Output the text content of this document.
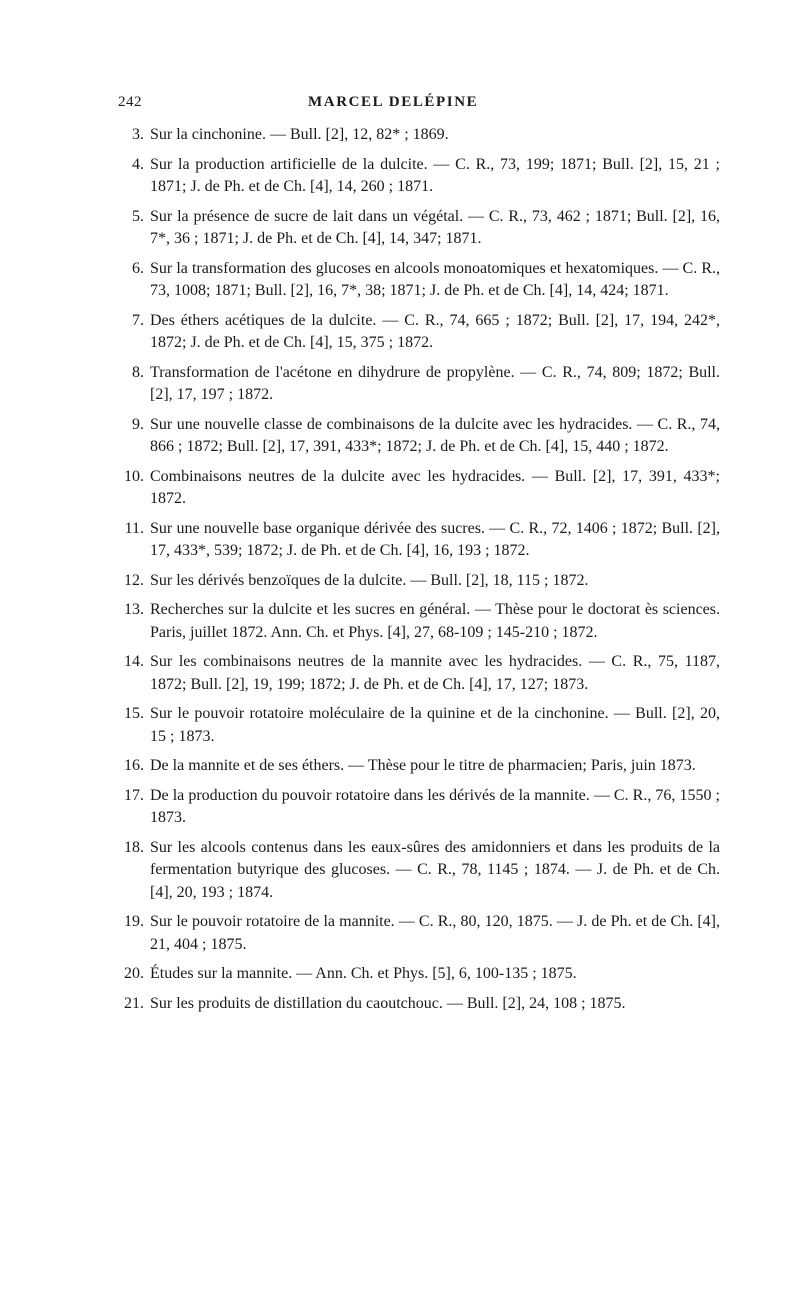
242	MARCEL DELÉPINE
3. Sur la cinchonine. — Bull. [2], 12, 82* ; 1869.
4. Sur la production artificielle de la dulcite. — C. R., 73, 199; 1871; Bull. [2], 15, 21 ; 1871; J. de Ph. et de Ch. [4], 14, 260 ; 1871.
5. Sur la présence de sucre de lait dans un végétal. — C. R., 73, 462 ; 1871; Bull. [2], 16, 7*, 36 ; 1871; J. de Ph. et de Ch. [4], 14, 347; 1871.
6. Sur la transformation des glucoses en alcools monoatomiques et hexatomiques. — C. R., 73, 1008; 1871; Bull. [2], 16, 7*, 38; 1871; J. de Ph. et de Ch. [4], 14, 424; 1871.
7. Des éthers acétiques de la dulcite. — C. R., 74, 665 ; 1872; Bull. [2], 17, 194, 242*, 1872; J. de Ph. et de Ch. [4], 15, 375 ; 1872.
8. Transformation de l'acétone en dihydrure de propylène. — C. R., 74, 809; 1872; Bull. [2], 17, 197 ; 1872.
9. Sur une nouvelle classe de combinaisons de la dulcite avec les hydracides. — C. R., 74, 866 ; 1872; Bull. [2], 17, 391, 433*; 1872; J. de Ph. et de Ch. [4], 15, 440 ; 1872.
10. Combinaisons neutres de la dulcite avec les hydracides. — Bull. [2], 17, 391, 433*; 1872.
11. Sur une nouvelle base organique dérivée des sucres. — C. R., 72, 1406 ; 1872; Bull. [2], 17, 433*, 539; 1872; J. de Ph. et de Ch. [4], 16, 193 ; 1872.
12. Sur les dérivés benzoïques de la dulcite. — Bull. [2], 18, 115 ; 1872.
13. Recherches sur la dulcite et les sucres en général. — Thèse pour le doctorat ès sciences. Paris, juillet 1872. Ann. Ch. et Phys. [4], 27, 68-109 ; 145-210 ; 1872.
14. Sur les combinaisons neutres de la mannite avec les hydracides. — C. R., 75, 1187, 1872; Bull. [2], 19, 199; 1872; J. de Ph. et de Ch. [4], 17, 127; 1873.
15. Sur le pouvoir rotatoire moléculaire de la quinine et de la cinchonine. — Bull. [2], 20, 15 ; 1873.
16. De la mannite et de ses éthers. — Thèse pour le titre de pharmacien; Paris, juin 1873.
17. De la production du pouvoir rotatoire dans les dérivés de la mannite. — C. R., 76, 1550 ; 1873.
18. Sur les alcools contenus dans les eaux-sûres des amidonniers et dans les produits de la fermentation butyrique des glucoses. — C. R., 78, 1145 ; 1874. — J. de Ph. et de Ch. [4], 20, 193 ; 1874.
19. Sur le pouvoir rotatoire de la mannite. — C. R., 80, 120, 1875. — J. de Ph. et de Ch. [4], 21, 404 ; 1875.
20. Études sur la mannite. — Ann. Ch. et Phys. [5], 6, 100-135 ; 1875.
21. Sur les produits de distillation du caoutchouc. — Bull. [2], 24, 108 ; 1875.
